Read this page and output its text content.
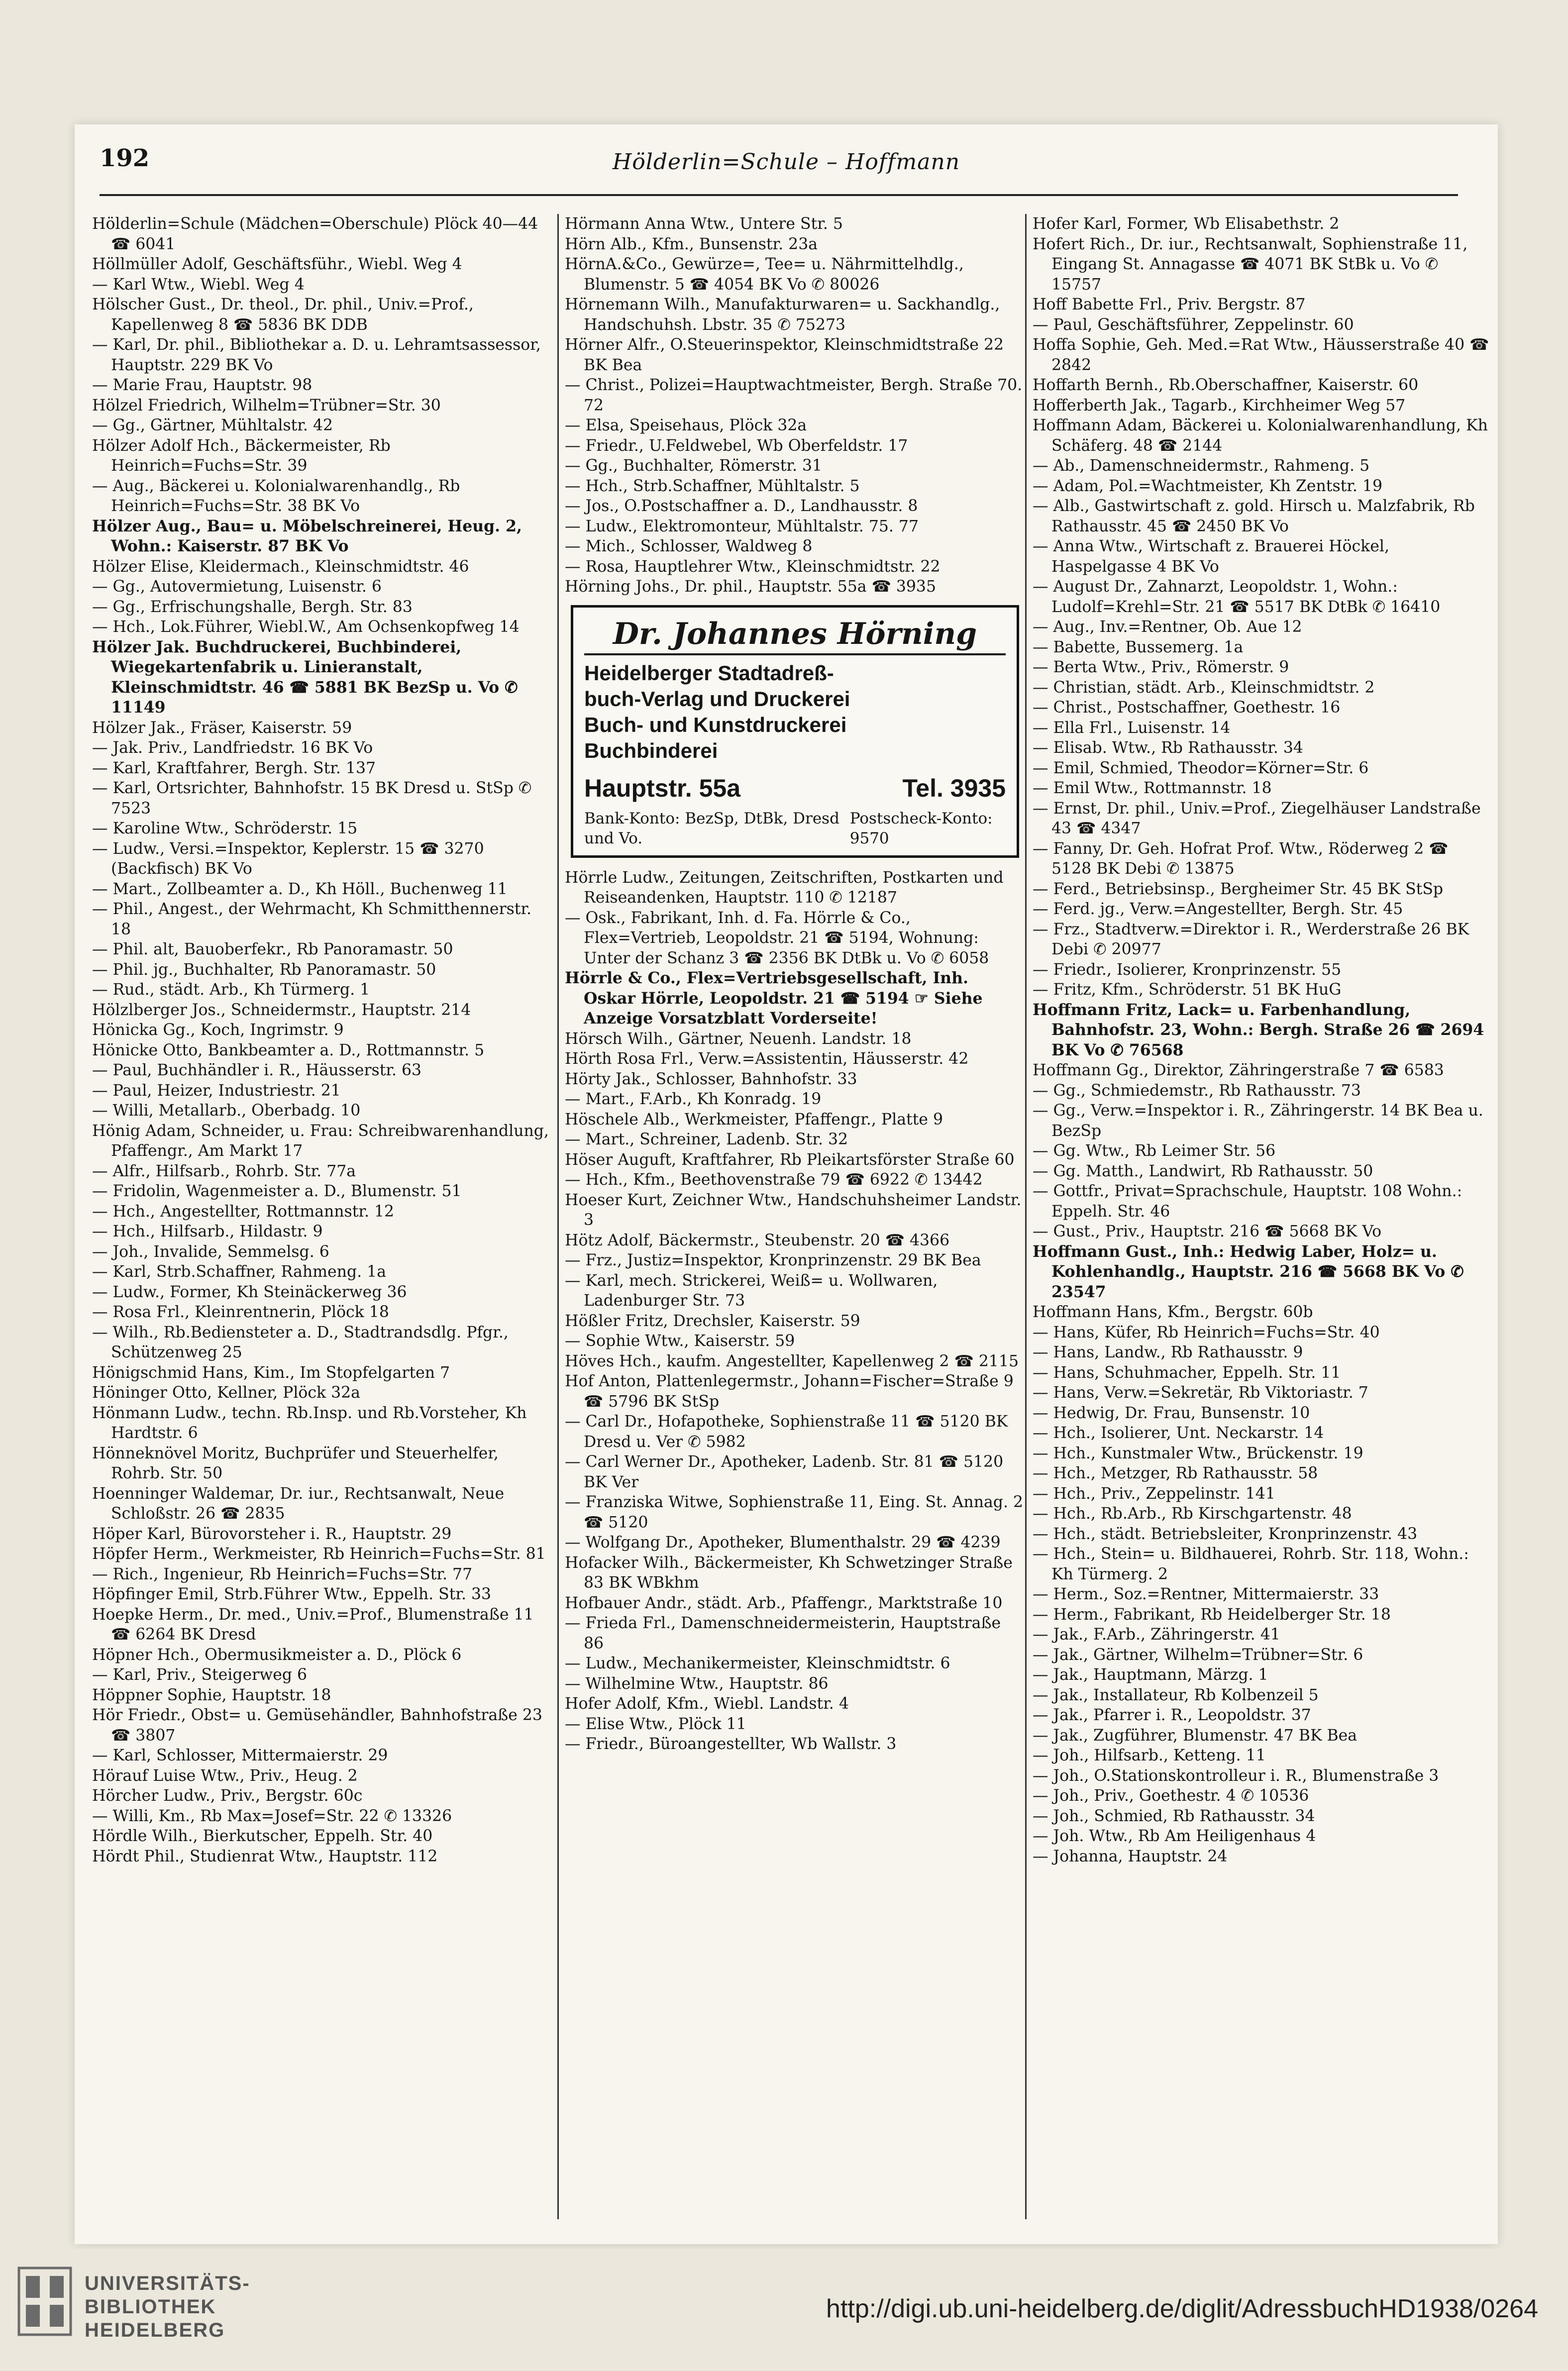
192	Hölderlin=Schule – Hoffmann

Hölderlin=Schule (Mädchen=Oberschule) Plöck 40—44 ☎ 6041

Höllmüller Adolf, Geschäftsführ., Wiebl. Weg 4

— Karl Wtw., Wiebl. Weg 4

Hölscher Gust., Dr. theol., Dr. phil., Univ.=Prof., Kapellenweg 8 ☎ 5836 BK DDB

— Karl, Dr. phil., Bibliothekar a. D. u. Lehramtsassessor, Hauptstr. 229 BK Vo

— Marie Frau, Hauptstr. 98

Hölzel Friedrich, Wilhelm=Trübner=Str. 30

— Gg., Gärtner, Mühltalstr. 42

Hölzer Adolf Hch., Bäckermeister, Rb Heinrich=Fuchs=Str. 39

— Aug., Bäckerei u. Kolonialwarenhandlg., Rb Heinrich=Fuchs=Str. 38 BK Vo

Hölzer Aug., Bau= u. Möbelschreinerei, Heug. 2, Wohn.: Kaiserstr. 87 BK Vo

Hölzer Elise, Kleidermach., Kleinschmidtstr. 46

— Gg., Autovermietung, Luisenstr. 6

— Gg., Erfrischungshalle, Bergh. Str. 83

— Hch., Lok.Führer, Wiebl.W., Am Ochsenkopfweg 14

Hölzer Jak. Buchdruckerei, Buchbinderei, Wiegekartenfabrik u. Linieranstalt, Kleinschmidtstr. 46 ☎ 5881 BK BezSp u. Vo ✆ 11149

Hölzer Jak., Fräser, Kaiserstr. 59

— Jak. Priv., Landfriedstr. 16 BK Vo

— Karl, Kraftfahrer, Bergh. Str. 137

— Karl, Ortsrichter, Bahnhofstr. 15 BK Dresd u. StSp ✆ 7523

— Karoline Wtw., Schröderstr. 15

— Ludw., Versi.=Inspektor, Keplerstr. 15 ☎ 3270 (Backfisch) BK Vo

— Mart., Zollbeamter a. D., Kh Höll., Buchenweg 11

— Phil., Angest., der Wehrmacht, Kh Schmitthennerstr. 18

— Phil. alt, Bauoberfekr., Rb Panoramastr. 50

— Phil. jg., Buchhalter, Rb Panoramastr. 50

— Rud., städt. Arb., Kh Türmerg. 1

Hölzlberger Jos., Schneidermstr., Hauptstr. 214

Hönicka Gg., Koch, Ingrimstr. 9

Hönicke Otto, Bankbeamter a. D., Rottmannstr. 5

— Paul, Buchhändler i. R., Häusserstr. 63

— Paul, Heizer, Industriestr. 21

— Willi, Metallarb., Oberbadg. 10

Hönig Adam, Schneider, u. Frau: Schreibwarenhandlung, Pfaffengr., Am Markt 17

— Alfr., Hilfsarb., Rohrb. Str. 77a

— Fridolin, Wagenmeister a. D., Blumenstr. 51

— Hch., Angestellter, Rottmannstr. 12

— Hch., Hilfsarb., Hildastr. 9

— Joh., Invalide, Semmelsg. 6

— Karl, Strb.Schaffner, Rahmeng. 1a

— Ludw., Former, Kh Steinäckerweg 36

— Rosa Frl., Kleinrentnerin, Plöck 18

— Wilh., Rb.Bediensteter a. D., Stadtrandsdlg. Pfgr., Schützenweg 25

Hönigschmid Hans, Kim., Im Stopfelgarten 7

Höninger Otto, Kellner, Plöck 32a

Hönmann Ludw., techn. Rb.Insp. und Rb.Vorsteher, Kh Hardtstr. 6

Hönneknövel Moritz, Buchprüfer und Steuerhelfer, Rohrb. Str. 50

Hoenninger Waldemar, Dr. iur., Rechtsanwalt, Neue Schloßstr. 26 ☎ 2835

Höper Karl, Bürovorsteher i. R., Hauptstr. 29

Höpfer Herm., Werkmeister, Rb Heinrich=Fuchs=Str. 81

— Rich., Ingenieur, Rb Heinrich=Fuchs=Str. 77

Höpfinger Emil, Strb.Führer Wtw., Eppelh. Str. 33

Hoepke Herm., Dr. med., Univ.=Prof., Blumenstraße 11 ☎ 6264 BK Dresd

Höpner Hch., Obermusikmeister a. D., Plöck 6

— Karl, Priv., Steigerweg 6

Höppner Sophie, Hauptstr. 18

Hör Friedr., Obst= u. Gemüsehändler, Bahnhofstraße 23 ☎ 3807

— Karl, Schlosser, Mittermaierstr. 29

Hörauf Luise Wtw., Priv., Heug. 2

Hörcher Ludw., Priv., Bergstr. 60c

— Willi, Km., Rb Max=Josef=Str. 22 ✆ 13326

Hördle Wilh., Bierkutscher, Eppelh. Str. 40

Hördt Phil., Studienrat Wtw., Hauptstr. 112

Hörmann Anna Wtw., Untere Str. 5

Hörn Alb., Kfm., Bunsenstr. 23a

HörnA.&Co., Gewürze=, Tee= u. Nährmittelhdlg., Blumenstr. 5 ☎ 4054 BK Vo ✆ 80026

Hörnemann Wilh., Manufakturwaren= u. Sackhandlg., Handschuhsh. Lbstr. 35 ✆ 75273

Hörner Alfr., O.Steuerinspektor, Kleinschmidtstraße 22 BK Bea

— Christ., Polizei=Hauptwachtmeister, Bergh. Straße 70. 72

— Elsa, Speisehaus, Plöck 32a

— Friedr., U.Feldwebel, Wb Oberfeldstr. 17

— Gg., Buchhalter, Römerstr. 31

— Hch., Strb.Schaffner, Mühltalstr. 5

— Jos., O.Postschaffner a. D., Landhausstr. 8

— Ludw., Elektromonteur, Mühltalstr. 75. 77

— Mich., Schlosser, Waldweg 8

— Rosa, Hauptlehrer Wtw., Kleinschmidtstr. 22

Hörning Johs., Dr. phil., Hauptstr. 55a ☎ 3935

Dr. Johannes Hörning
Heidelberger Stadtadreß-
buch-Verlag und Druckerei
Buch- und Kunstdruckerei
Buchbinderei
Hauptstr. 55a	Tel. 3935
Bank-Konto: BezSp, DtBk, Dresd und Vo.
Postscheck-Konto: 9570

Hörrle Ludw., Zeitungen, Zeitschriften, Postkarten und Reiseandenken, Hauptstr. 110 ✆ 12187

— Osk., Fabrikant, Inh. d. Fa. Hörrle & Co., Flex=Vertrieb, Leopoldstr. 21 ☎ 5194, Wohnung: Unter der Schanz 3 ☎ 2356 BK DtBk u. Vo ✆ 6058

Hörrle & Co., Flex=Vertriebsgesellschaft, Inh. Oskar Hörrle, Leopoldstr. 21 ☎ 5194 ☞ Siehe Anzeige Vorsatzblatt Vorderseite!

Hörsch Wilh., Gärtner, Neuenh. Landstr. 18

Hörth Rosa Frl., Verw.=Assistentin, Häusserstr. 42

Hörty Jak., Schlosser, Bahnhofstr. 33

— Mart., F.Arb., Kh Konradg. 19

Höschele Alb., Werkmeister, Pfaffengr., Platte 9

— Mart., Schreiner, Ladenb. Str. 32

Höser Auguft, Kraftfahrer, Rb Pleikartsförster Straße 60

— Hch., Kfm., Beethovenstraße 79 ☎ 6922 ✆ 13442

Hoeser Kurt, Zeichner Wtw., Handschuhsheimer Landstr. 3

Hötz Adolf, Bäckermstr., Steubenstr. 20 ☎ 4366

— Frz., Justiz=Inspektor, Kronprinzenstr. 29 BK Bea

— Karl, mech. Strickerei, Weiß= u. Wollwaren, Ladenburger Str. 73

Hößler Fritz, Drechsler, Kaiserstr. 59

— Sophie Wtw., Kaiserstr. 59

Höves Hch., kaufm. Angestellter, Kapellenweg 2 ☎ 2115

Hof Anton, Plattenlegermstr., Johann=Fischer=Straße 9 ☎ 5796 BK StSp

— Carl Dr., Hofapotheke, Sophienstraße 11 ☎ 5120 BK Dresd u. Ver ✆ 5982

— Carl Werner Dr., Apotheker, Ladenb. Str. 81 ☎ 5120 BK Ver

— Franziska Witwe, Sophienstraße 11, Eing. St. Annag. 2 ☎ 5120

— Wolfgang Dr., Apotheker, Blumenthalstr. 29 ☎ 4239

Hofacker Wilh., Bäckermeister, Kh Schwetzinger Straße 83 BK WBkhm

Hofbauer Andr., städt. Arb., Pfaffengr., Marktstraße 10

— Frieda Frl., Damenschneidermeisterin, Hauptstraße 86

— Ludw., Mechanikermeister, Kleinschmidtstr. 6

— Wilhelmine Wtw., Hauptstr. 86

Hofer Adolf, Kfm., Wiebl. Landstr. 4

— Elise Wtw., Plöck 11

— Friedr., Büroangestellter, Wb Wallstr. 3

Hofer Karl, Former, Wb Elisabethstr. 2

Hofert Rich., Dr. iur., Rechtsanwalt, Sophienstraße 11, Eingang St. Annagasse ☎ 4071 BK StBk u. Vo ✆ 15757

Hoff Babette Frl., Priv. Bergstr. 87

— Paul, Geschäftsführer, Zeppelinstr. 60

Hoffa Sophie, Geh. Med.=Rat Wtw., Häusserstraße 40 ☎ 2842

Hoffarth Bernh., Rb.Oberschaffner, Kaiserstr. 60

Hofferberth Jak., Tagarb., Kirchheimer Weg 57

Hoffmann Adam, Bäckerei u. Kolonialwarenhandlung, Kh Schäferg. 48 ☎ 2144

— Ab., Damenschneidermstr., Rahmeng. 5

— Adam, Pol.=Wachtmeister, Kh Zentstr. 19

— Alb., Gastwirtschaft z. gold. Hirsch u. Malzfabrik, Rb Rathausstr. 45 ☎ 2450 BK Vo

— Anna Wtw., Wirtschaft z. Brauerei Höckel, Haspelgasse 4 BK Vo

— August Dr., Zahnarzt, Leopoldstr. 1, Wohn.: Ludolf=Krehl=Str. 21 ☎ 5517 BK DtBk ✆ 16410

— Aug., Inv.=Rentner, Ob. Aue 12

— Babette, Bussemerg. 1a

— Berta Wtw., Priv., Römerstr. 9

— Christian, städt. Arb., Kleinschmidtstr. 2

— Christ., Postschaffner, Goethestr. 16

— Ella Frl., Luisenstr. 14

— Elisab. Wtw., Rb Rathausstr. 34

— Emil, Schmied, Theodor=Körner=Str. 6

— Emil Wtw., Rottmannstr. 18

— Ernst, Dr. phil., Univ.=Prof., Ziegelhäuser Landstraße 43 ☎ 4347

— Fanny, Dr. Geh. Hofrat Prof. Wtw., Röderweg 2 ☎ 5128 BK Debi ✆ 13875

— Ferd., Betriebsinsp., Bergheimer Str. 45 BK StSp

— Ferd. jg., Verw.=Angestellter, Bergh. Str. 45

— Frz., Stadtverw.=Direktor i. R., Werderstraße 26 BK Debi ✆ 20977

— Friedr., Isolierer, Kronprinzenstr. 55

— Fritz, Kfm., Schröderstr. 51 BK HuG

Hoffmann Fritz, Lack= u. Farbenhandlung, Bahnhofstr. 23, Wohn.: Bergh. Straße 26 ☎ 2694 BK Vo ✆ 76568

Hoffmann Gg., Direktor, Zähringerstraße 7 ☎ 6583

— Gg., Schmiedemstr., Rb Rathausstr. 73

— Gg., Verw.=Inspektor i. R., Zähringerstr. 14 BK Bea u. BezSp

— Gg. Wtw., Rb Leimer Str. 56

— Gg. Matth., Landwirt, Rb Rathausstr. 50

— Gottfr., Privat=Sprachschule, Hauptstr. 108 Wohn.: Eppelh. Str. 46

— Gust., Priv., Hauptstr. 216 ☎ 5668 BK Vo

Hoffmann Gust., Inh.: Hedwig Laber, Holz= u. Kohlenhandlg., Hauptstr. 216 ☎ 5668 BK Vo ✆ 23547

Hoffmann Hans, Kfm., Bergstr. 60b

— Hans, Küfer, Rb Heinrich=Fuchs=Str. 40

— Hans, Landw., Rb Rathausstr. 9

— Hans, Schuhmacher, Eppelh. Str. 11

— Hans, Verw.=Sekretär, Rb Viktoriastr. 7

— Hedwig, Dr. Frau, Bunsenstr. 10

— Hch., Isolierer, Unt. Neckarstr. 14

— Hch., Kunstmaler Wtw., Brückenstr. 19

— Hch., Metzger, Rb Rathausstr. 58

— Hch., Priv., Zeppelinstr. 141

— Hch., Rb.Arb., Rb Kirschgartenstr. 48

— Hch., städt. Betriebsleiter, Kronprinzenstr. 43

— Hch., Stein= u. Bildhauerei, Rohrb. Str. 118, Wohn.: Kh Türmerg. 2

— Herm., Soz.=Rentner, Mittermaierstr. 33

— Herm., Fabrikant, Rb Heidelberger Str. 18

— Jak., F.Arb., Zähringerstr. 41

— Jak., Gärtner, Wilhelm=Trübner=Str. 6

— Jak., Hauptmann, Märzg. 1

— Jak., Installateur, Rb Kolbenzeil 5

— Jak., Pfarrer i. R., Leopoldstr. 37

— Jak., Zugführer, Blumenstr. 47 BK Bea

— Joh., Hilfsarb., Ketteng. 11

— Joh., O.Stationskontrolleur i. R., Blumenstraße 3

— Joh., Priv., Goethestr. 4 ✆ 10536

— Joh., Schmied, Rb Rathausstr. 34

— Joh. Wtw., Rb Am Heiligenhaus 4

— Johanna, Hauptstr. 24

UNIVERSITÄTS-
BIBLIOTHEK
HEIDELBERG
http://digi.ub.uni-heidelberg.de/diglit/AdressbuchHD1938/0264
